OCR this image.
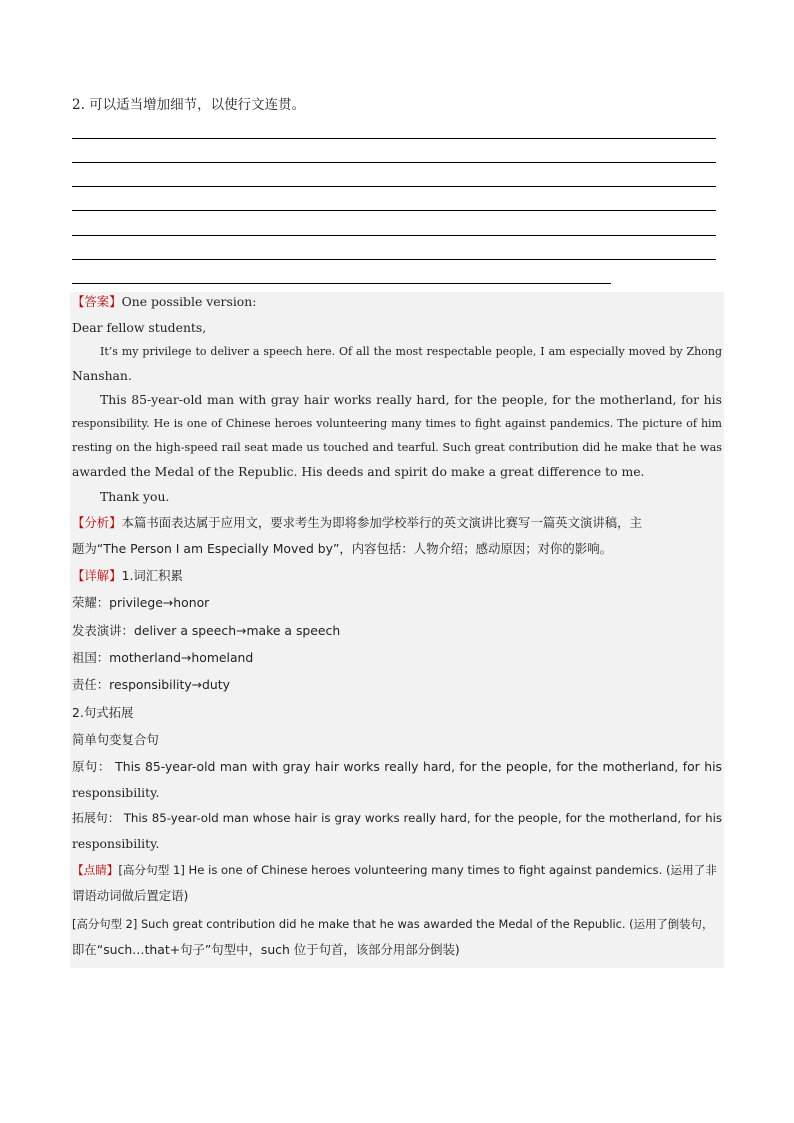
2. 可以适当增加细节，以使行文连贯。
【答案】One possible version:
Dear fellow students,
It’s my privilege to deliver a speech here. Of all the most respectable people, I am especially moved by Zhong
Nanshan.
This 85-year-old man with gray hair works really hard, for the people, for the motherland, for his
responsibility. He is one of Chinese heroes volunteering many times to fight against pandemics. The picture of him
resting on the high-speed rail seat made us touched and tearful. Such great contribution did he make that he was
awarded the Medal of the Republic. His deeds and spirit do make a great difference to me.
Thank you.
【分析】本篇书面表达属于应用文，要求考生为即将参加学校举行的英文演讲比赛写一篇英文演讲稿，主
题为“The Person I am Especially Moved by”，内容包括：人物介绍；感动原因；对你的影响。
【详解】1.词汇积累
荣耀：privilege→honor
发表演讲：deliver a speech→make a speech
祖国：motherland→homeland
责任：responsibility→duty
2.句式拓展
简单句变复合句
原句： This 85-year-old man with gray hair works really hard, for the people, for the motherland, for his
responsibility.
拓展句： This 85-year-old man whose hair is gray works really hard, for the people, for the motherland, for his
responsibility.
【点睛】[高分句型 1] He is one of Chinese heroes volunteering many times to fight against pandemics. (运用了非
谓语动词做后置定语)
[高分句型 2] Such great contribution did he make that he was awarded the Medal of the Republic. (运用了倒装句，
即在“such…that+句子”句型中，such 位于句首，该部分用部分倒装)
